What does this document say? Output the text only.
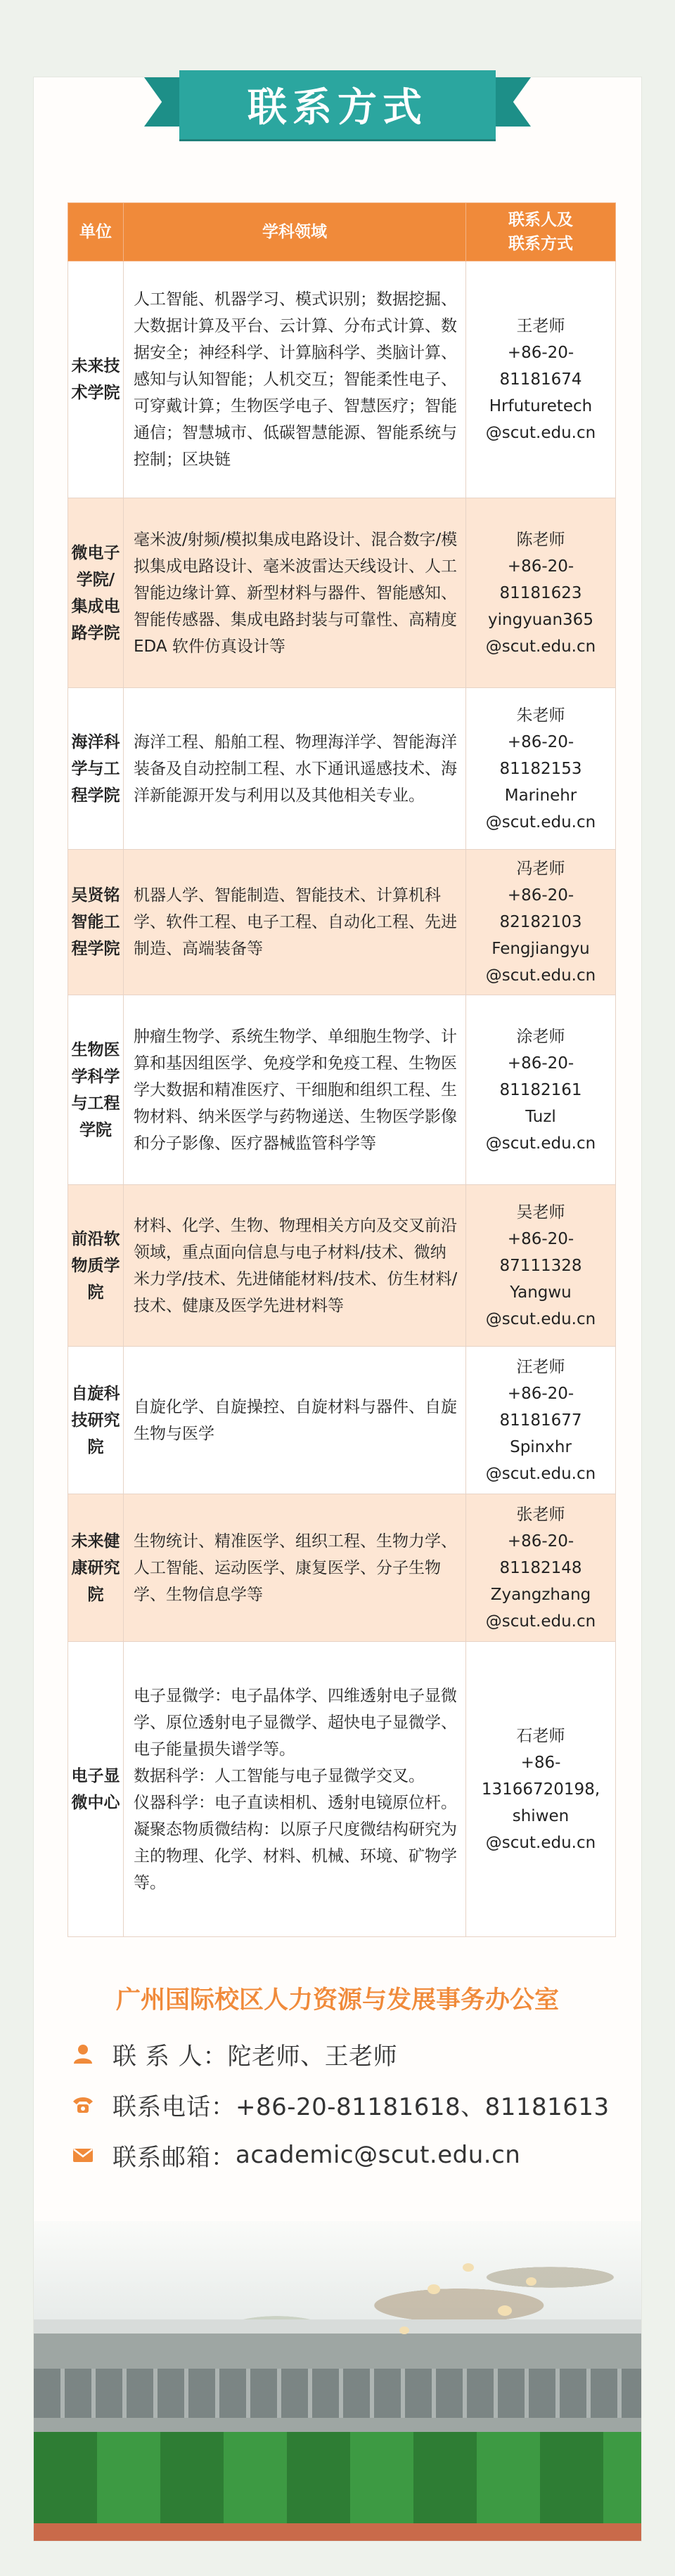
联系方式
单位	学科领域	联系人及
联系方式
未来技术学院	人工智能、机器学习、模式识别；数据挖掘、大数据计算及平台、云计算、分布式计算、数据安全；神经科学、计算脑科学、类脑计算、感知与认知智能；人机交互；智能柔性电子、可穿戴计算；生物医学电子、智慧医疗；智能通信；智慧城市、低碳智慧能源、智能系统与控制；区块链	王老师
+86-20-
81181674
Hrfuturetech
@scut.edu.cn
微电子学院/集成电路学院	毫米波/射频/模拟集成电路设计、混合数字/模拟集成电路设计、毫米波雷达天线设计、人工智能边缘计算、新型材料与器件、智能感知、智能传感器、集成电路封装与可靠性、高精度 EDA 软件仿真设计等	陈老师
+86-20-
81181623
yingyuan365
@scut.edu.cn
海洋科学与工程学院	海洋工程、船舶工程、物理海洋学、智能海洋装备及自动控制工程、水下通讯遥感技术、海洋新能源开发与利用以及其他相关专业。	朱老师
+86-20-
81182153
Marinehr
@scut.edu.cn
吴贤铭智能工程学院	机器人学、智能制造、智能技术、计算机科学、软件工程、电子工程、自动化工程、先进制造、高端装备等	冯老师
+86-20-
82182103
Fengjiangyu
@scut.edu.cn
生物医学科学与工程学院	肿瘤生物学、系统生物学、单细胞生物学、计算和基因组医学、免疫学和免疫工程、生物医学大数据和精准医疗、干细胞和组织工程、生物材料、纳米医学与药物递送、生物医学影像和分子影像、医疗器械监管科学等	涂老师
+86-20-
81182161
Tuzl
@scut.edu.cn
前沿软物质学院	材料、化学、生物、物理相关方向及交叉前沿领域，重点面向信息与电子材料/技术、微纳米力学/技术、先进储能材料/技术、仿生材料/技术、健康及医学先进材料等	吴老师
+86-20-
87111328
Yangwu
@scut.edu.cn
自旋科技研究院	自旋化学、自旋操控、自旋材料与器件、自旋生物与医学	汪老师
+86-20-
81181677
Spinxhr
@scut.edu.cn
未来健康研究院	生物统计、精准医学、组织工程、生物力学、人工智能、运动医学、康复医学、分子生物学、生物信息学等	张老师
+86-20-
81182148
Zyangzhang
@scut.edu.cn
电子显微中心	电子显微学：电子晶体学、四维透射电子显微学、原位透射电子显微学、超快电子显微学、电子能量损失谱学等。
数据科学：人工智能与电子显微学交叉。
仪器科学：电子直读相机、透射电镜原位杆。
凝聚态物质微结构：以原子尺度微结构研究为主的物理、化学、材料、机械、环境、矿物学等。	石老师
+86-
13166720198,
shiwen
@scut.edu.cn
广州国际校区人力资源与发展事务办公室
联 系 人： 陀老师、王老师
联系电话： +86-20-81181618、81181613
联系邮箱： academic@scut.edu.cn
